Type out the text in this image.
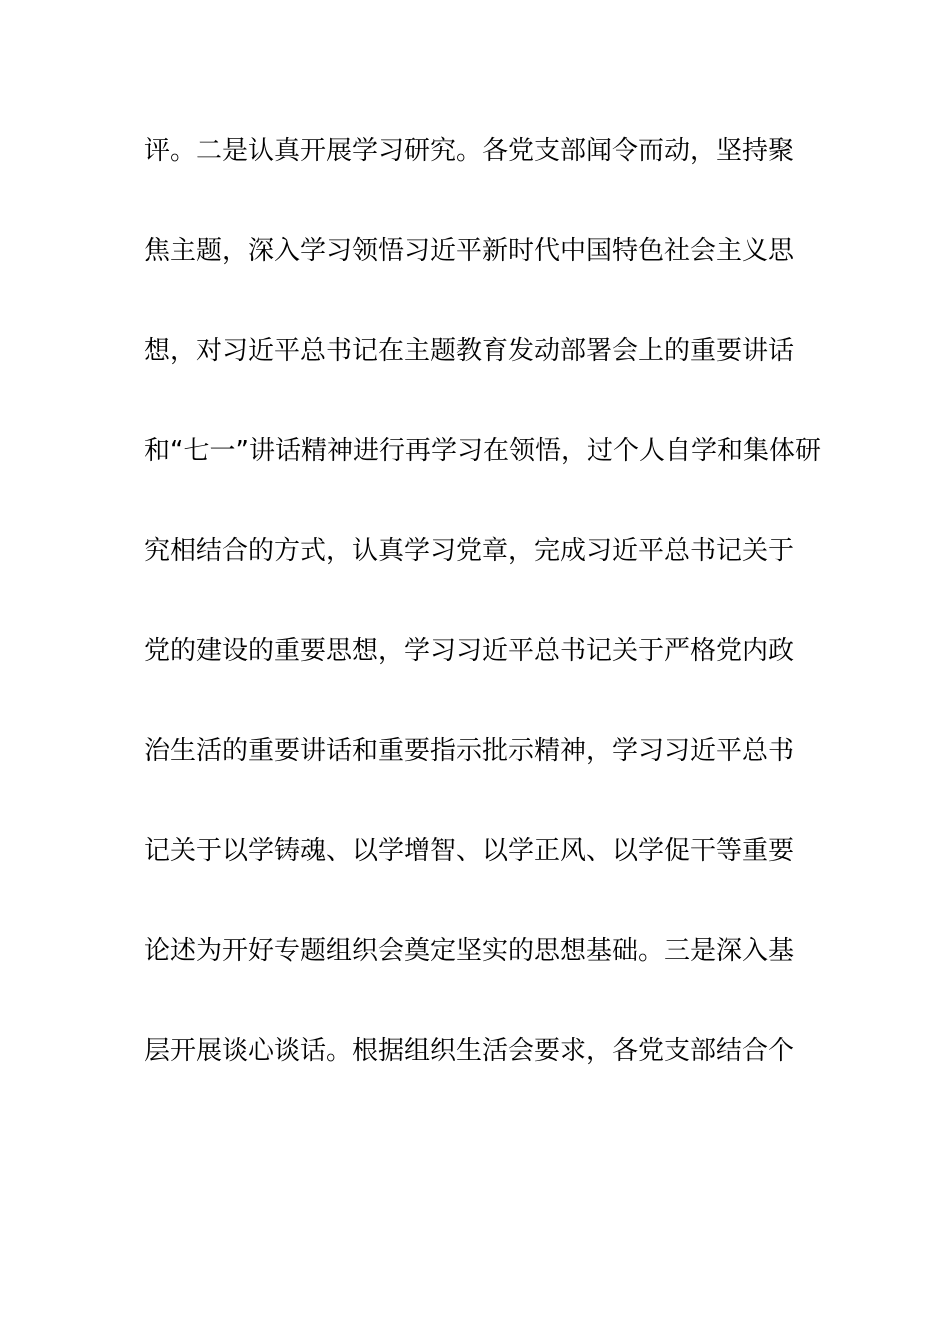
评。二是认真开展学习研究。各党支部闻令而动，坚持聚
焦主题，深入学习领悟习近平新时代中国特色社会主义思
想，对习近平总书记在主题教育发动部署会上的重要讲话
和“七一”讲话精神进行再学习在领悟，过个人自学和集体研
究相结合的方式，认真学习党章，完成习近平总书记关于
党的建设的重要思想，学习习近平总书记关于严格党内政
治生活的重要讲话和重要指示批示精神，学习习近平总书
记关于以学铸魂、以学增智、以学正风、以学促干等重要
论述为开好专题组织会奠定坚实的思想基础。三是深入基
层开展谈心谈话。根据组织生活会要求，各党支部结合个
